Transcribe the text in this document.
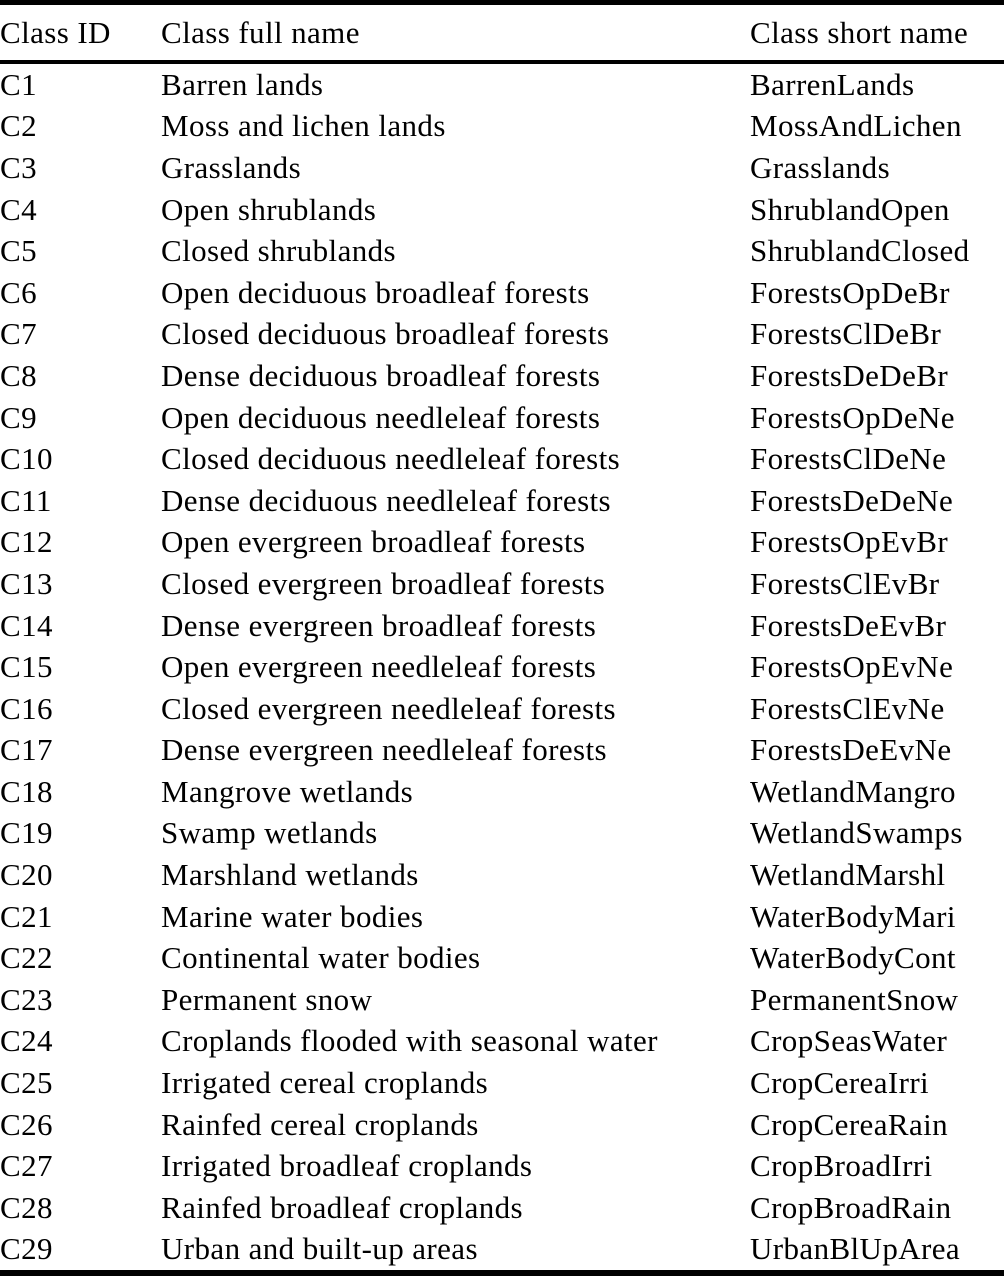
Class ID	Class full name	Class short name
C1	Barren lands	BarrenLands
C2	Moss and lichen lands	MossAndLichen
C3	Grasslands	Grasslands
C4	Open shrublands	ShrublandOpen
C5	Closed shrublands	ShrublandClosed
C6	Open deciduous broadleaf forests	ForestsOpDeBr
C7	Closed deciduous broadleaf forests	ForestsClDeBr
C8	Dense deciduous broadleaf forests	ForestsDeDeBr
C9	Open deciduous needleleaf forests	ForestsOpDeNe
C10	Closed deciduous needleleaf forests	ForestsClDeNe
C11	Dense deciduous needleleaf forests	ForestsDeDeNe
C12	Open evergreen broadleaf forests	ForestsOpEvBr
C13	Closed evergreen broadleaf forests	ForestsClEvBr
C14	Dense evergreen broadleaf forests	ForestsDeEvBr
C15	Open evergreen needleleaf forests	ForestsOpEvNe
C16	Closed evergreen needleleaf forests	ForestsClEvNe
C17	Dense evergreen needleleaf forests	ForestsDeEvNe
C18	Mangrove wetlands	WetlandMangro
C19	Swamp wetlands	WetlandSwamps
C20	Marshland wetlands	WetlandMarshl
C21	Marine water bodies	WaterBodyMari
C22	Continental water bodies	WaterBodyCont
C23	Permanent snow	PermanentSnow
C24	Croplands flooded with seasonal water	CropSeasWater
C25	Irrigated cereal croplands	CropCereaIrri
C26	Rainfed cereal croplands	CropCereaRain
C27	Irrigated broadleaf croplands	CropBroadIrri
C28	Rainfed broadleaf croplands	CropBroadRain
C29	Urban and built-up areas	UrbanBlUpArea
